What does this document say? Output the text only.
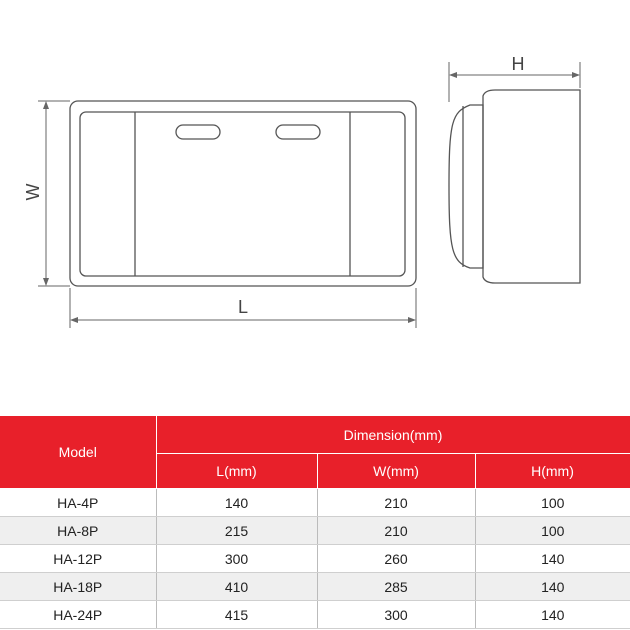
W
L
H
Model	Dimension(mm)		
	L(mm)	W(mm)	H(mm)
HA-4P	140	210	100
HA-8P	215	210	100
HA-12P	300	260	140
HA-18P	410	285	140
HA-24P	415	300	140
